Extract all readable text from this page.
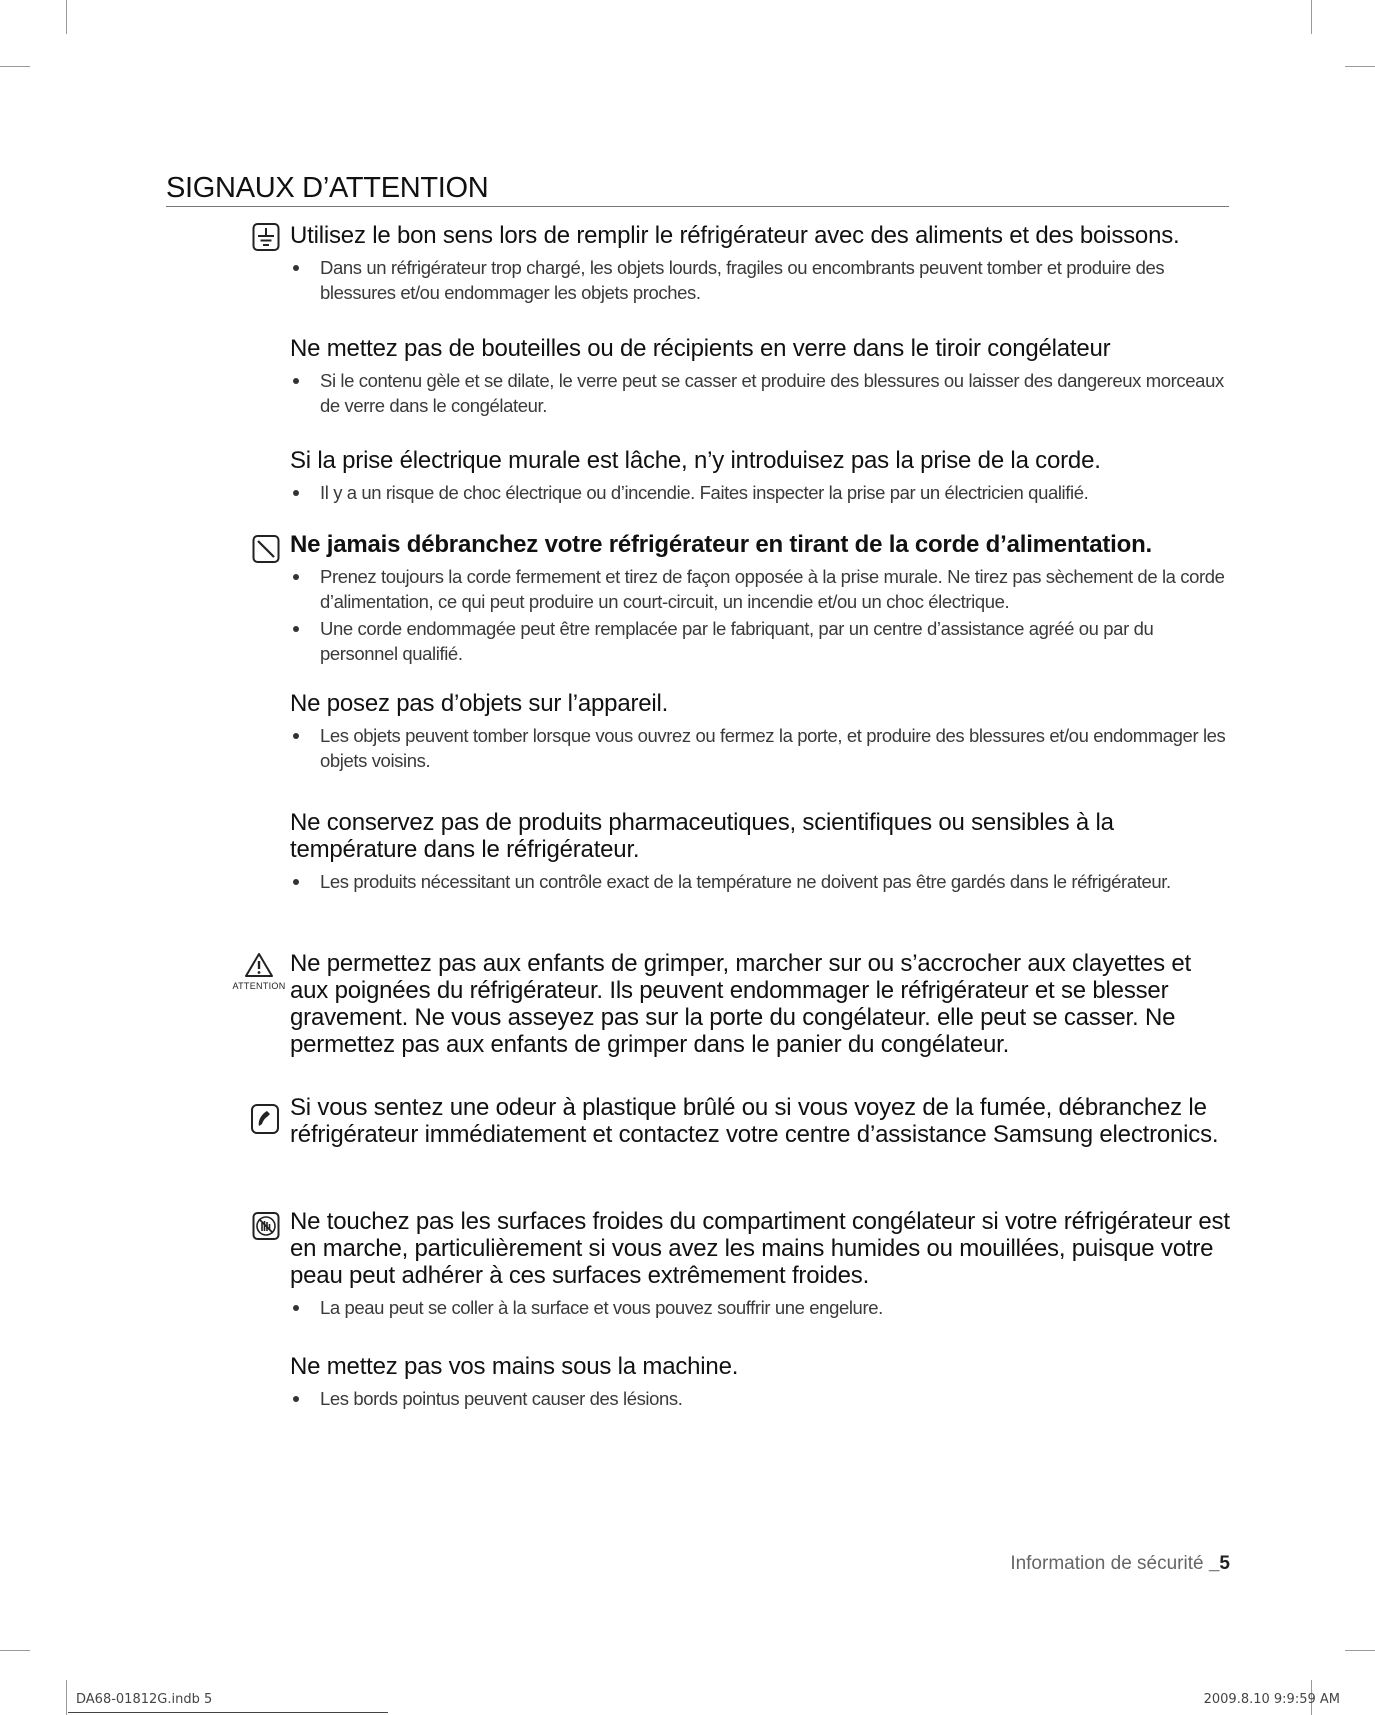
SIGNAUX D’ATTENTION
Utilisez le bon sens lors de remplir le réfrigérateur avec des aliments et des boissons.
Dans un réfrigérateur trop chargé, les objets lourds, fragiles ou encombrants peuvent tomber et produire des blessures et/ou endommager les objets proches.
Ne mettez pas de bouteilles ou de récipients en verre dans le tiroir congélateur
Si le contenu gèle et se dilate, le verre peut se casser et produire des blessures ou laisser des dangereux morceaux de verre dans le congélateur.
Si la prise électrique murale est lâche, n’y introduisez pas la prise de la corde.
Il y a un risque de choc électrique ou d’incendie. Faites inspecter la prise par un électricien qualifié.
Ne jamais débranchez votre réfrigérateur en tirant de la corde d’alimentation.
Prenez toujours la corde fermement et tirez de façon opposée à la prise murale. Ne tirez pas sèchement de la corde d’alimentation, ce qui peut produire un court-circuit, un incendie et/ou un choc électrique.
Une corde endommagée peut être remplacée par le fabriquant, par un centre d’assistance agréé ou par du personnel qualifié.
Ne posez pas d’objets sur l’appareil.
Les objets peuvent tomber lorsque vous ouvrez ou fermez la porte, et produire des blessures et/ou endommager les objets voisins.
Ne conservez pas de produits pharmaceutiques, scientifiques ou sensibles à la température dans le réfrigérateur.
Les produits nécessitant un contrôle exact de la température ne doivent pas être gardés dans le réfrigérateur.
ATTENTION
Ne permettez pas aux enfants de grimper, marcher sur ou s’accrocher aux clayettes et aux poignées du réfrigérateur. Ils peuvent endommager le réfrigérateur et se blesser gravement. Ne vous asseyez pas sur la porte du congélateur. elle peut se casser. Ne permettez pas aux enfants de grimper dans le panier du congélateur.
Si vous sentez une odeur à plastique brûlé ou si vous voyez de la fumée, débranchez le réfrigérateur immédiatement et contactez votre centre d’assistance Samsung electronics.
Ne touchez pas les surfaces froides du compartiment congélateur si votre réfrigérateur est en marche, particulièrement si vous avez les mains humides ou mouillées, puisque votre peau peut adhérer à ces surfaces extrêmement froides.
La peau peut se coller à la surface et vous pouvez souffrir une engelure.
Ne mettez pas vos mains sous la machine.
Les bords pointus peuvent causer des lésions.
Information de sécurité _5
DA68-01812G.indb 5	2009.8.10 9:9:59 AM
